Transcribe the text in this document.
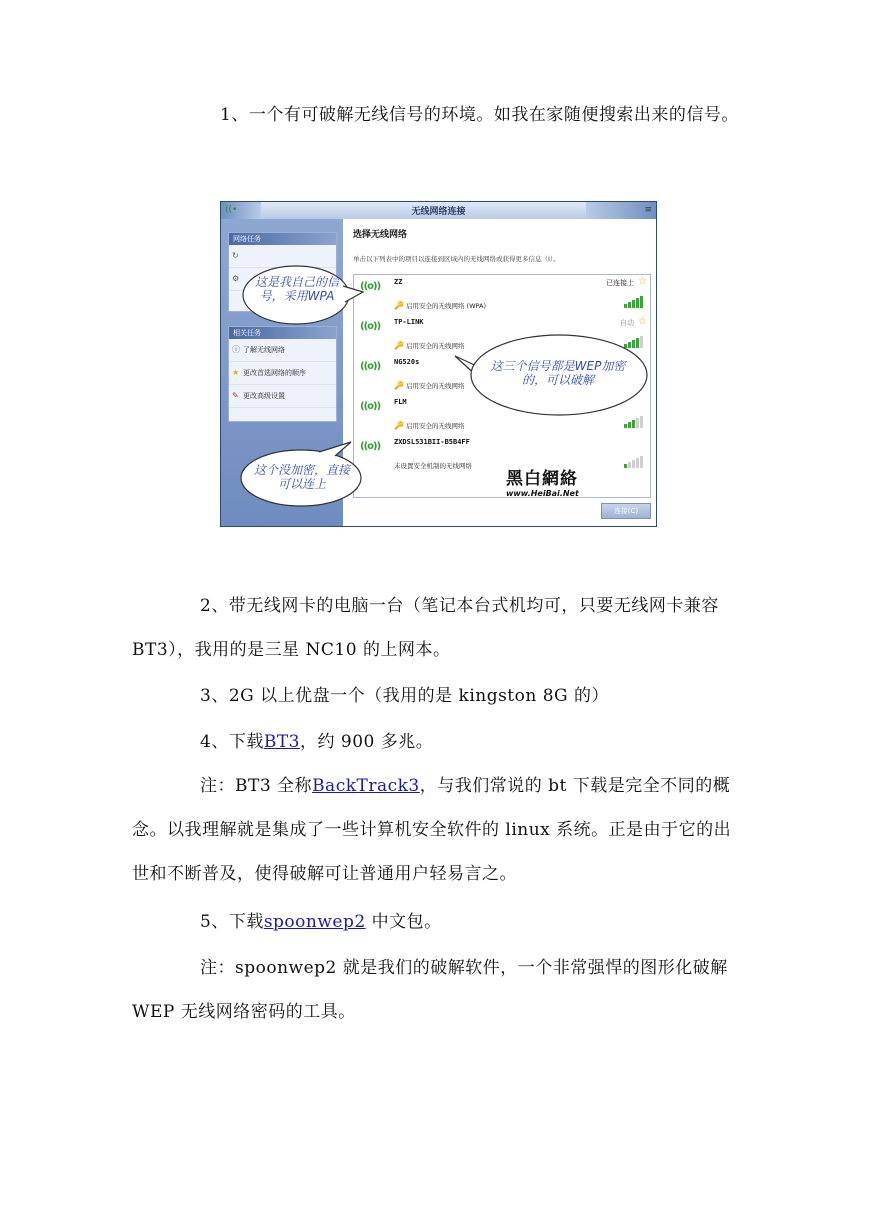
1、一个有可破解无线信号的环境。如我在家随便搜索出来的信号。

((•	无线网络连接	≡
网络任务
↻
⚙
相关任务
ⓘ 了解无线网络
★ 更改首选网络的顺序
✎ 更改高级设置
选择无线网络
单击以下列表中的项目以连接到区域内的无线网络或获得更多信息（I）。
((o)) ZZ
🔑 启用安全的无线网络 (WPA)
已连接上 ☆
((o)) TP-LINK
🔑 启用安全的无线网络
自动 ☆
((o)) NG520s
🔑 启用安全的无线网络
((o)) FLM
🔑 启用安全的无线网络
((o)) ZXDSL531BII-B5B4FF
未设置安全机制的无线网络
连接(C)
黑白網絡
www.HeiBai.Net
这是我自己的信号，采用WPA
这三个信号都是WEP加密的，可以破解
这个没加密，直接可以连上

2、带无线网卡的电脑一台（笔记本台式机均可，只要无线网卡兼容 BT3），我用的是三星 NC10 的上网本。

3、2G 以上优盘一个（我用的是 kingston 8G 的）

4、下载BT3，约 900 多兆。

注：BT3 全称BackTrack3，与我们常说的 bt 下载是完全不同的概念。以我理解就是集成了一些计算机安全软件的 linux 系统。正是由于它的出世和不断普及，使得破解可让普通用户轻易言之。

5、下载spoonwep2 中文包。

注：spoonwep2 就是我们的破解软件，一个非常强悍的图形化破解 WEP 无线网络密码的工具。
